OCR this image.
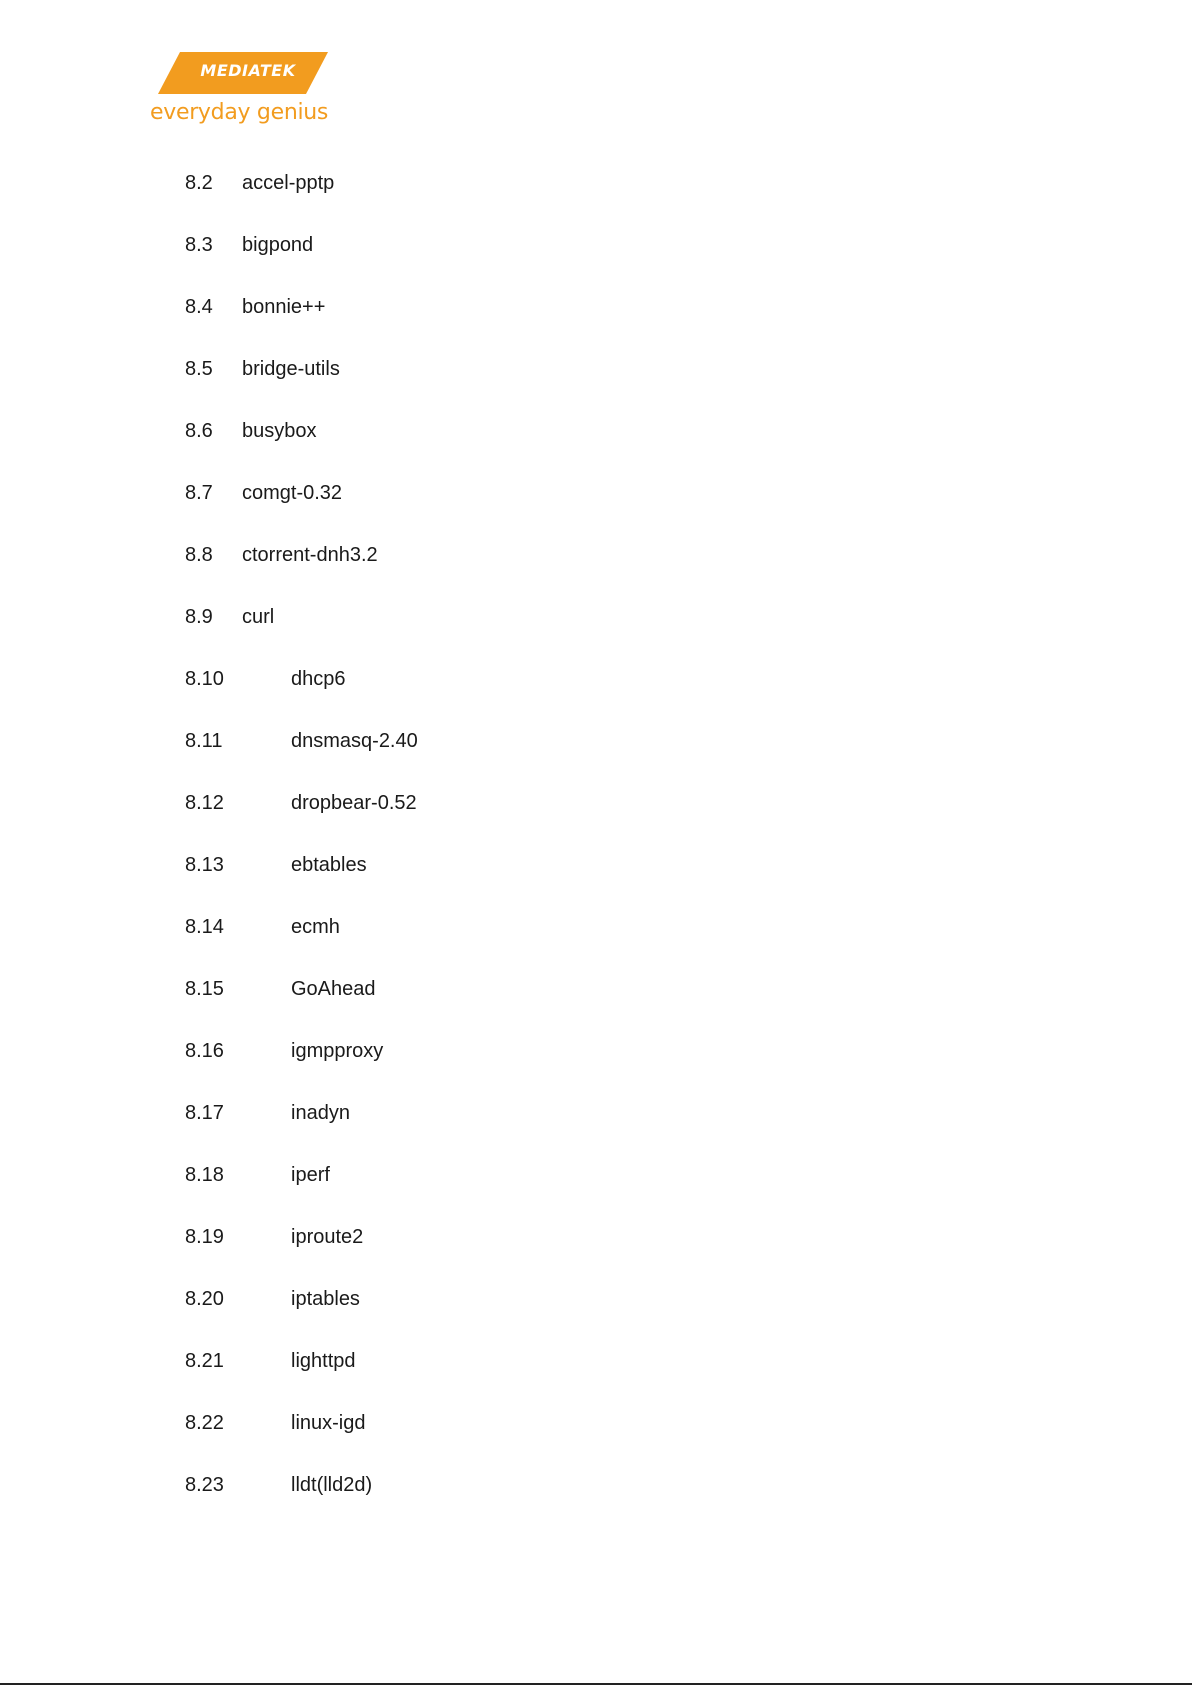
MEDIATEK
everyday genius
8.2 accel-pptp
8.3 bigpond
8.4 bonnie++
8.5 bridge-utils
8.6 busybox
8.7 comgt-0.32
8.8 ctorrent-dnh3.2
8.9 curl
8.10	dhcp6
8.11	dnsmasq-2.40
8.12	dropbear-0.52
8.13	ebtables
8.14	ecmh
8.15	GoAhead
8.16	igmpproxy
8.17	inadyn
8.18	iperf
8.19	iproute2
8.20	iptables
8.21	lighttpd
8.22	linux-igd
8.23	lldt(lld2d)
